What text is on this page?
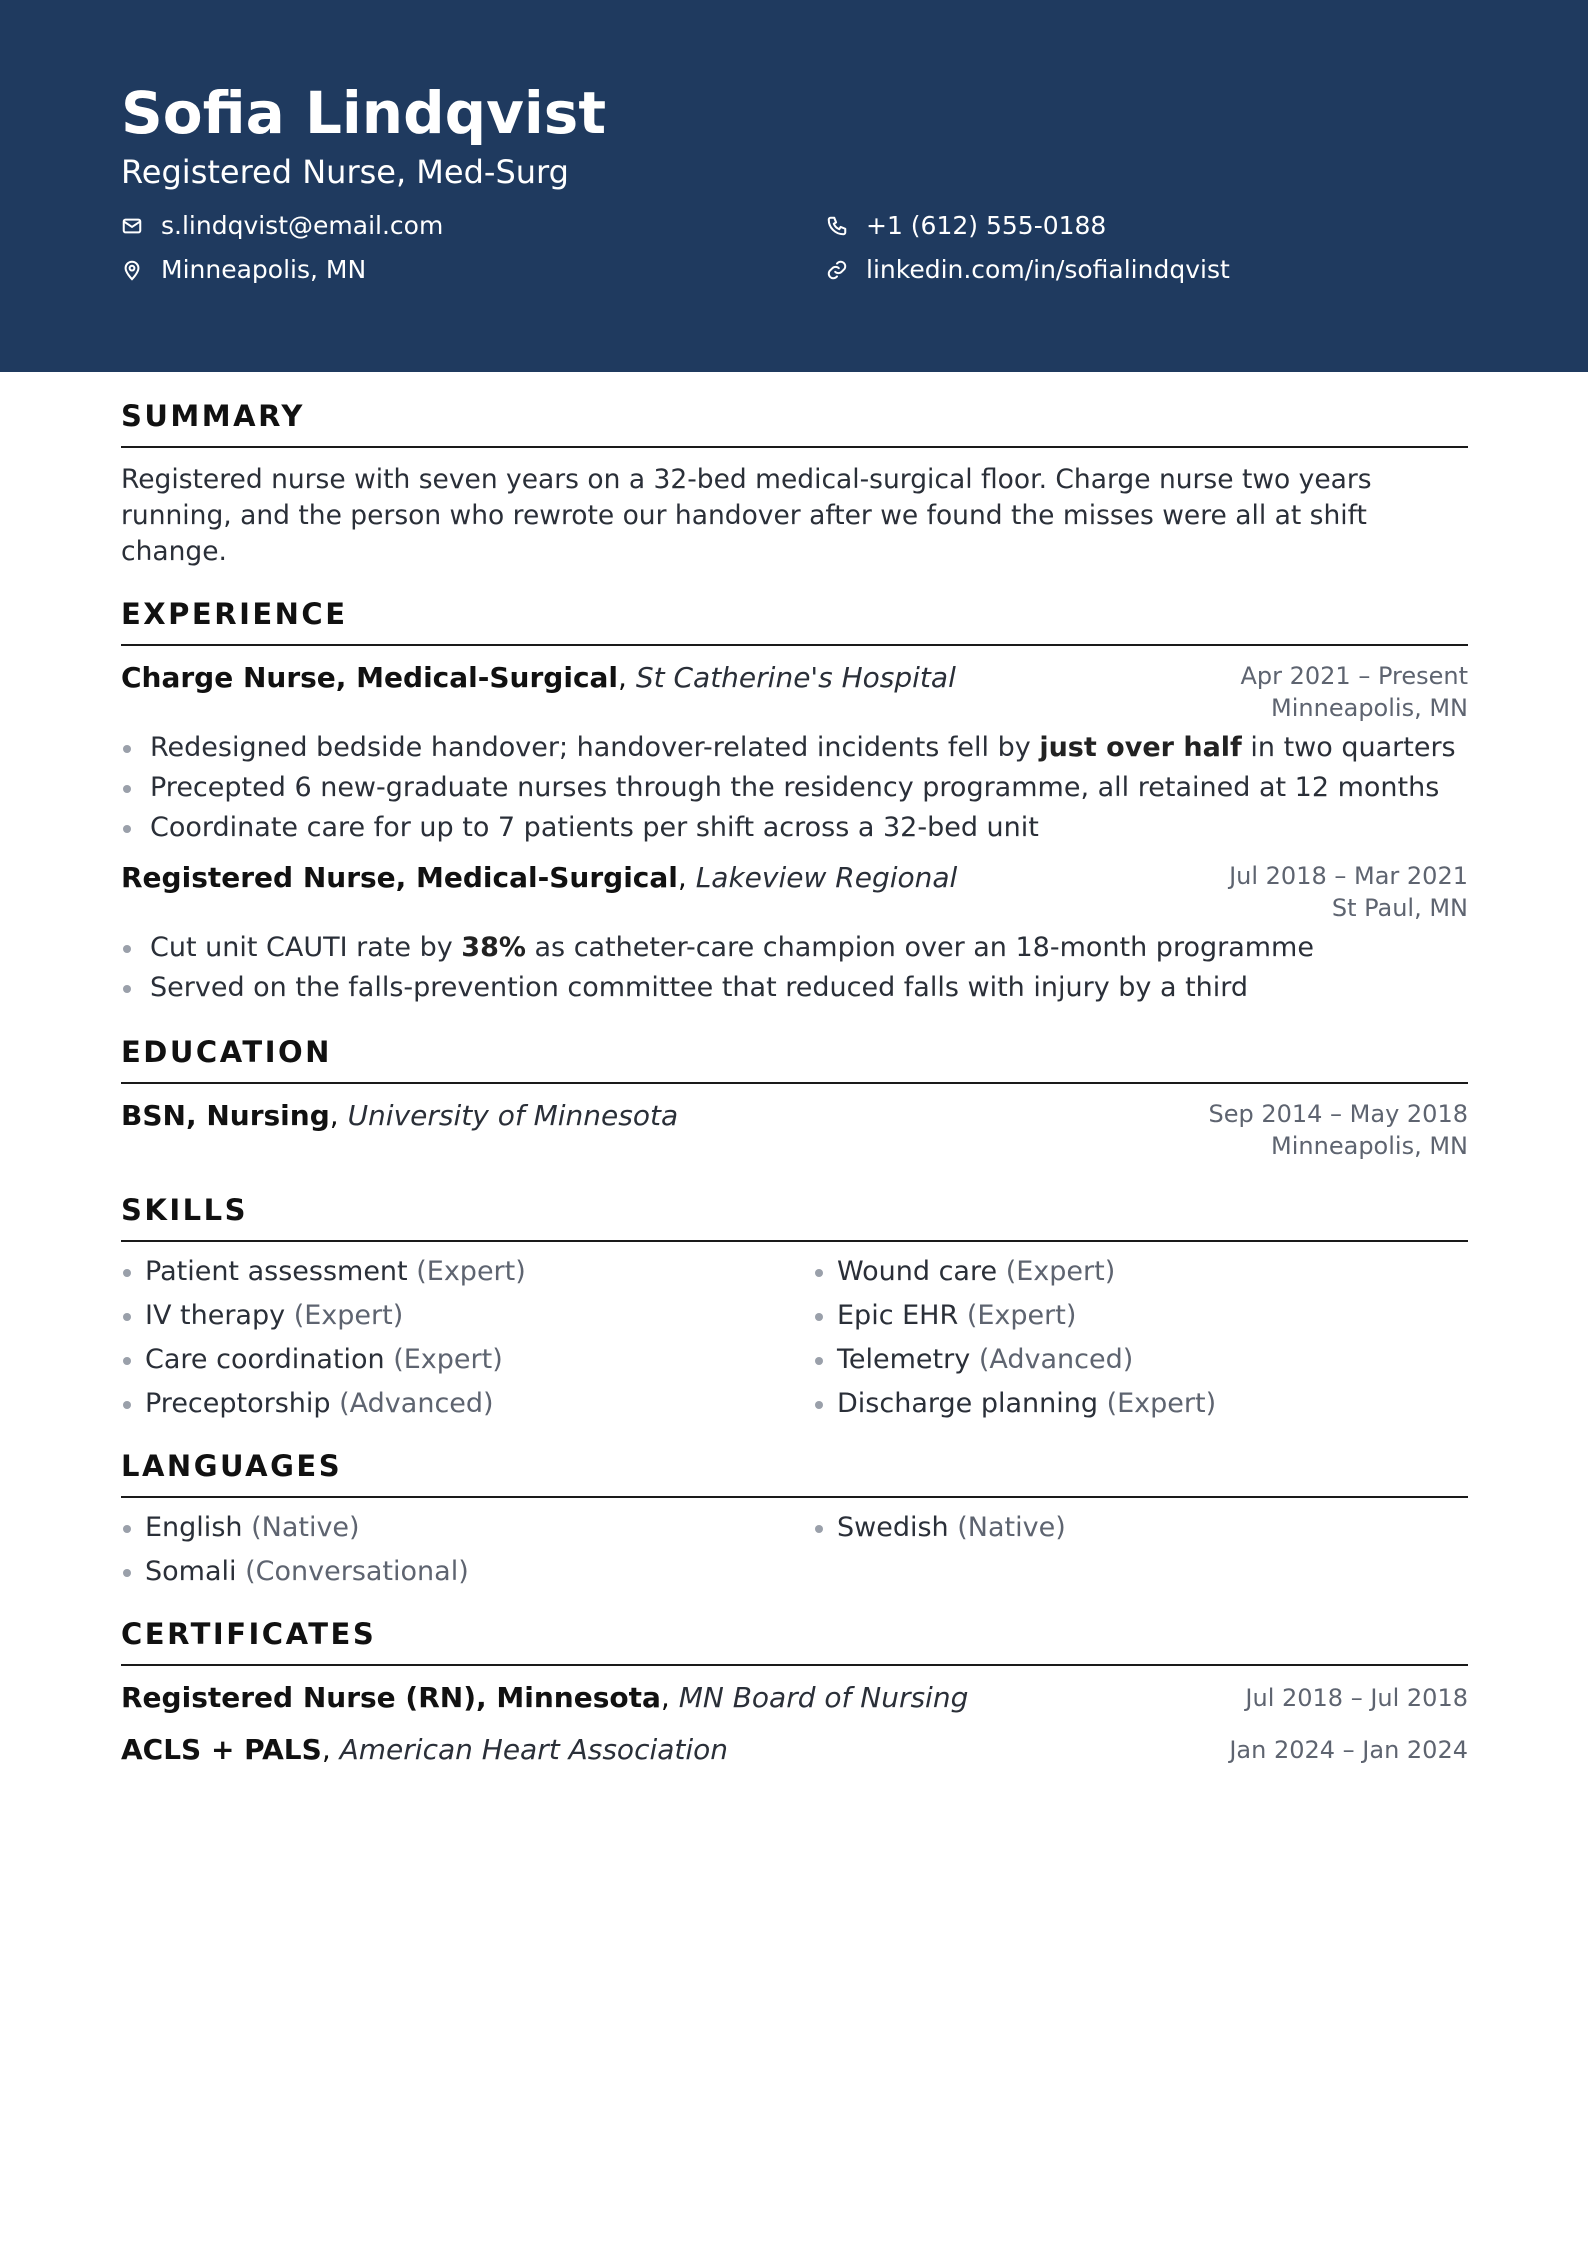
Sofia Lindqvist
Registered Nurse, Med-Surg
s.lindqvist@email.com	+1 (612) 555-0188
Minneapolis, MN	linkedin.com/in/sofialindqvist
SUMMARY

Registered nurse with seven years on a 32-bed medical-surgical floor. Charge nurse two years running, and the person who rewrote our handover after we found the misses were all at shift change.

EXPERIENCE
Charge Nurse, Medical-Surgical, St Catherine's Hospital	Apr 2021 – Present
Minneapolis, MN
Redesigned bedside handover; handover-related incidents fell by just over half in two quarters
Precepted 6 new-graduate nurses through the residency programme, all retained at 12 months
Coordinate care for up to 7 patients per shift across a 32-bed unit
Registered Nurse, Medical-Surgical, Lakeview Regional	Jul 2018 – Mar 2021
St Paul, MN
Cut unit CAUTI rate by 38% as catheter-care champion over an 18-month programme
Served on the falls-prevention committee that reduced falls with injury by a third
EDUCATION
BSN, Nursing, University of Minnesota	Sep 2014 – May 2018
Minneapolis, MN
SKILLS
Patient assessment (Expert)	Wound care (Expert)
IV therapy (Expert)	Epic EHR (Expert)
Care coordination (Expert)	Telemetry (Advanced)
Preceptorship (Advanced)	Discharge planning (Expert)
LANGUAGES
English (Native)	Swedish (Native)
Somali (Conversational)
CERTIFICATES
Registered Nurse (RN), Minnesota, MN Board of Nursing	Jul 2018 – Jul 2018
ACLS + PALS, American Heart Association	Jan 2024 – Jan 2024
